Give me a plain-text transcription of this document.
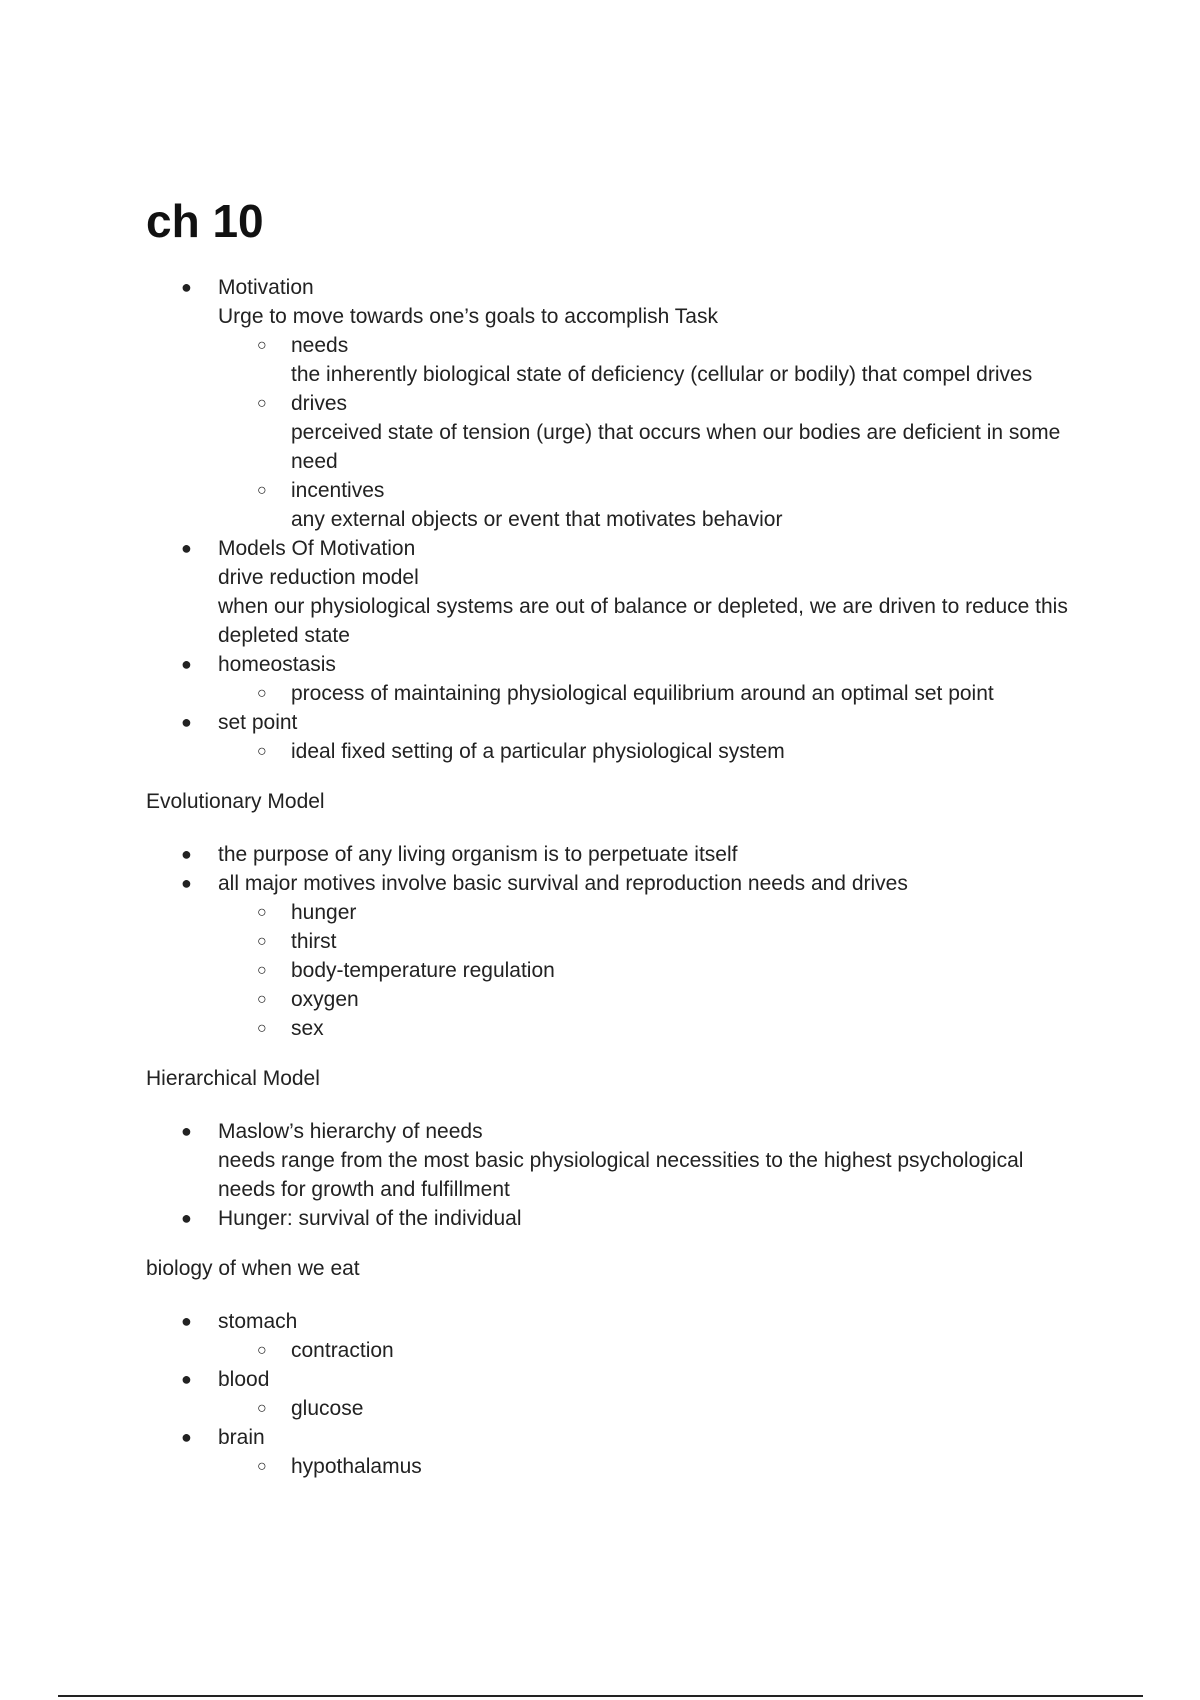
ch 10
● Motivation
Urge to move towards one’s goals to accomplish Task
○ needs
the inherently biological state of deficiency (cellular or bodily) that compel drives
○ drives
perceived state of tension (urge) that occurs when our bodies are deficient in some need
○ incentives
any external objects or event that motivates behavior
● Models Of Motivation
drive reduction model
when our physiological systems are out of balance or depleted, we are driven to reduce this depleted state
● homeostasis
○ process of maintaining physiological equilibrium around an optimal set point
● set point
○ ideal fixed setting of a particular physiological system

Evolutionary Model

● the purpose of any living organism is to perpetuate itself
● all major motives involve basic survival and reproduction needs and drives
○ hunger
○ thirst
○ body-temperature regulation
○ oxygen
○ sex

Hierarchical Model

● Maslow’s hierarchy of needs
needs range from the most basic physiological necessities to the highest psychological needs for growth and fulfillment
● Hunger: survival of the individual

biology of when we eat

● stomach
○ contraction
● blood
○ glucose
● brain
○ hypothalamus
